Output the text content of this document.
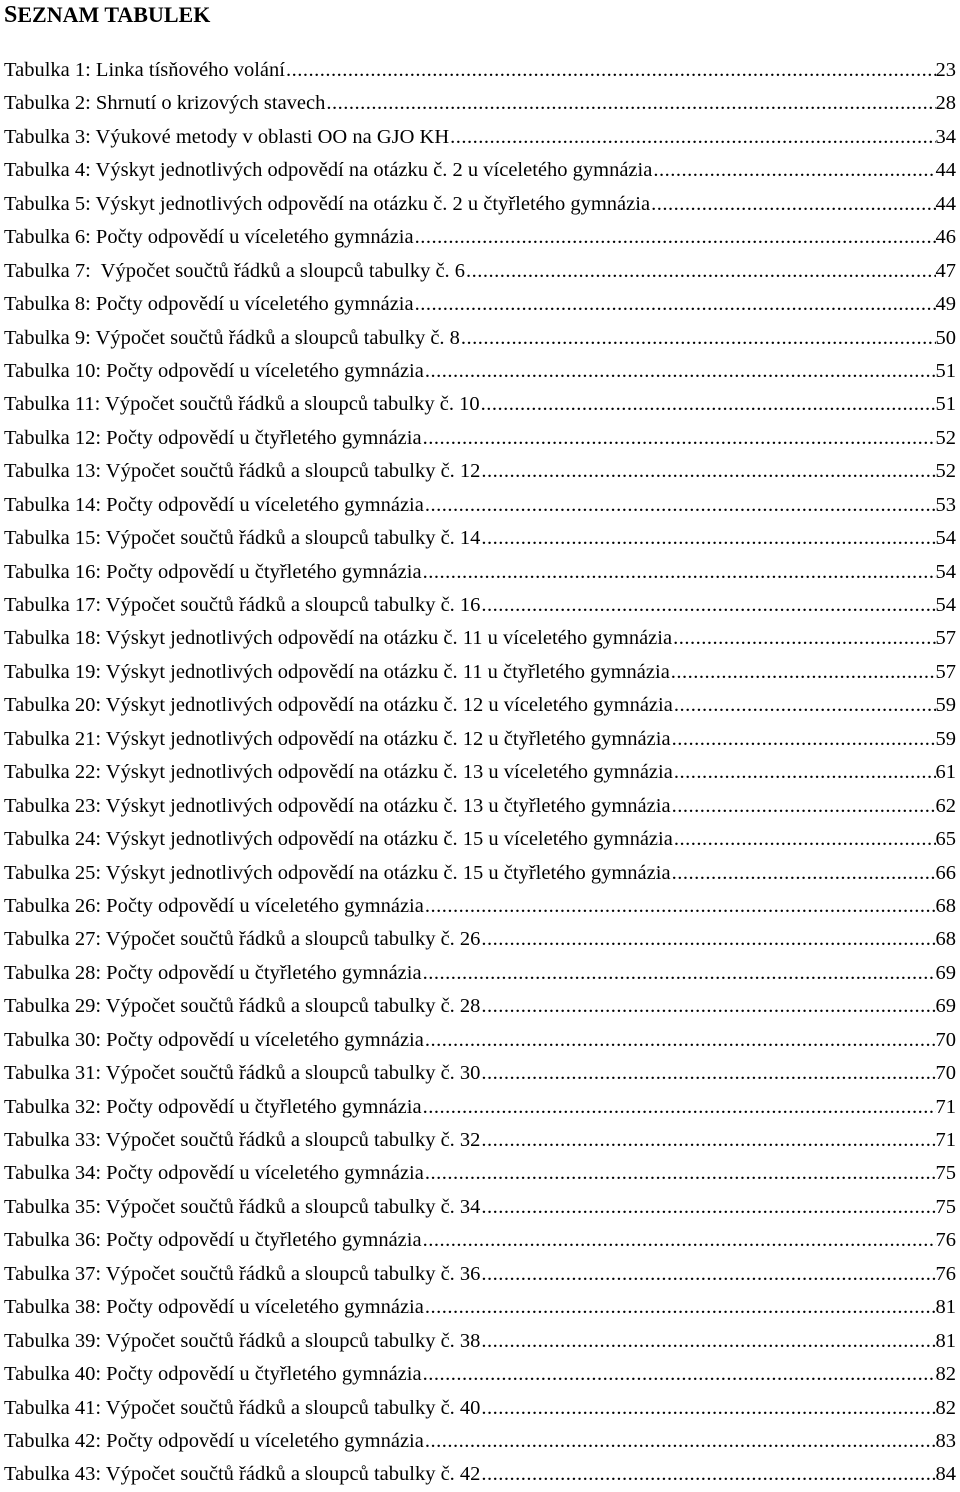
SEZNAM TABULEK
Tabulka 1: Linka tísňového volání .....	23
Tabulka 2: Shrnutí o krizových stavech .....	28
Tabulka 3: Výukové metody v oblasti OO na GJO KH .....	34
Tabulka 4: Výskyt jednotlivých odpovědí na otázku č. 2 u víceletého gymnázia .....	44
Tabulka 5: Výskyt jednotlivých odpovědí na otázku č. 2 u čtyřletého gymnázia .....	44
Tabulka 6: Počty odpovědí u víceletého gymnázia .....	46
Tabulka 7:  Výpočet součtů řádků a sloupců tabulky č. 6 .....	47
Tabulka 8: Počty odpovědí u víceletého gymnázia .....	49
Tabulka 9: Výpočet součtů řádků a sloupců tabulky č. 8 .....	50
Tabulka 10: Počty odpovědí u víceletého gymnázia .....	51
Tabulka 11: Výpočet součtů řádků a sloupců tabulky č. 10 .....	51
Tabulka 12: Počty odpovědí u čtyřletého gymnázia .....	52
Tabulka 13: Výpočet součtů řádků a sloupců tabulky č. 12 .....	52
Tabulka 14: Počty odpovědí u víceletého gymnázia .....	53
Tabulka 15: Výpočet součtů řádků a sloupců tabulky č. 14 .....	54
Tabulka 16: Počty odpovědí u čtyřletého gymnázia .....	54
Tabulka 17: Výpočet součtů řádků a sloupců tabulky č. 16 .....	54
Tabulka 18: Výskyt jednotlivých odpovědí na otázku č. 11 u víceletého gymnázia .....	57
Tabulka 19: Výskyt jednotlivých odpovědí na otázku č. 11 u čtyřletého gymnázia .....	57
Tabulka 20: Výskyt jednotlivých odpovědí na otázku č. 12 u víceletého gymnázia .....	59
Tabulka 21: Výskyt jednotlivých odpovědí na otázku č. 12 u čtyřletého gymnázia .....	59
Tabulka 22: Výskyt jednotlivých odpovědí na otázku č. 13 u víceletého gymnázia .....	61
Tabulka 23: Výskyt jednotlivých odpovědí na otázku č. 13 u čtyřletého gymnázia .....	62
Tabulka 24: Výskyt jednotlivých odpovědí na otázku č. 15 u víceletého gymnázia .....	65
Tabulka 25: Výskyt jednotlivých odpovědí na otázku č. 15 u čtyřletého gymnázia .....	66
Tabulka 26: Počty odpovědí u víceletého gymnázia .....	68
Tabulka 27: Výpočet součtů řádků a sloupců tabulky č. 26 .....	68
Tabulka 28: Počty odpovědí u čtyřletého gymnázia .....	69
Tabulka 29: Výpočet součtů řádků a sloupců tabulky č. 28 .....	69
Tabulka 30: Počty odpovědí u víceletého gymnázia .....	70
Tabulka 31: Výpočet součtů řádků a sloupců tabulky č. 30 .....	70
Tabulka 32: Počty odpovědí u čtyřletého gymnázia .....	71
Tabulka 33: Výpočet součtů řádků a sloupců tabulky č. 32 .....	71
Tabulka 34: Počty odpovědí u víceletého gymnázia .....	75
Tabulka 35: Výpočet součtů řádků a sloupců tabulky č. 34 .....	75
Tabulka 36: Počty odpovědí u čtyřletého gymnázia .....	76
Tabulka 37: Výpočet součtů řádků a sloupců tabulky č. 36 .....	76
Tabulka 38: Počty odpovědí u víceletého gymnázia .....	81
Tabulka 39: Výpočet součtů řádků a sloupců tabulky č. 38 .....	81
Tabulka 40: Počty odpovědí u čtyřletého gymnázia .....	82
Tabulka 41: Výpočet součtů řádků a sloupců tabulky č. 40 .....	82
Tabulka 42: Počty odpovědí u víceletého gymnázia .....	83
Tabulka 43: Výpočet součtů řádků a sloupců tabulky č. 42 .....	84
